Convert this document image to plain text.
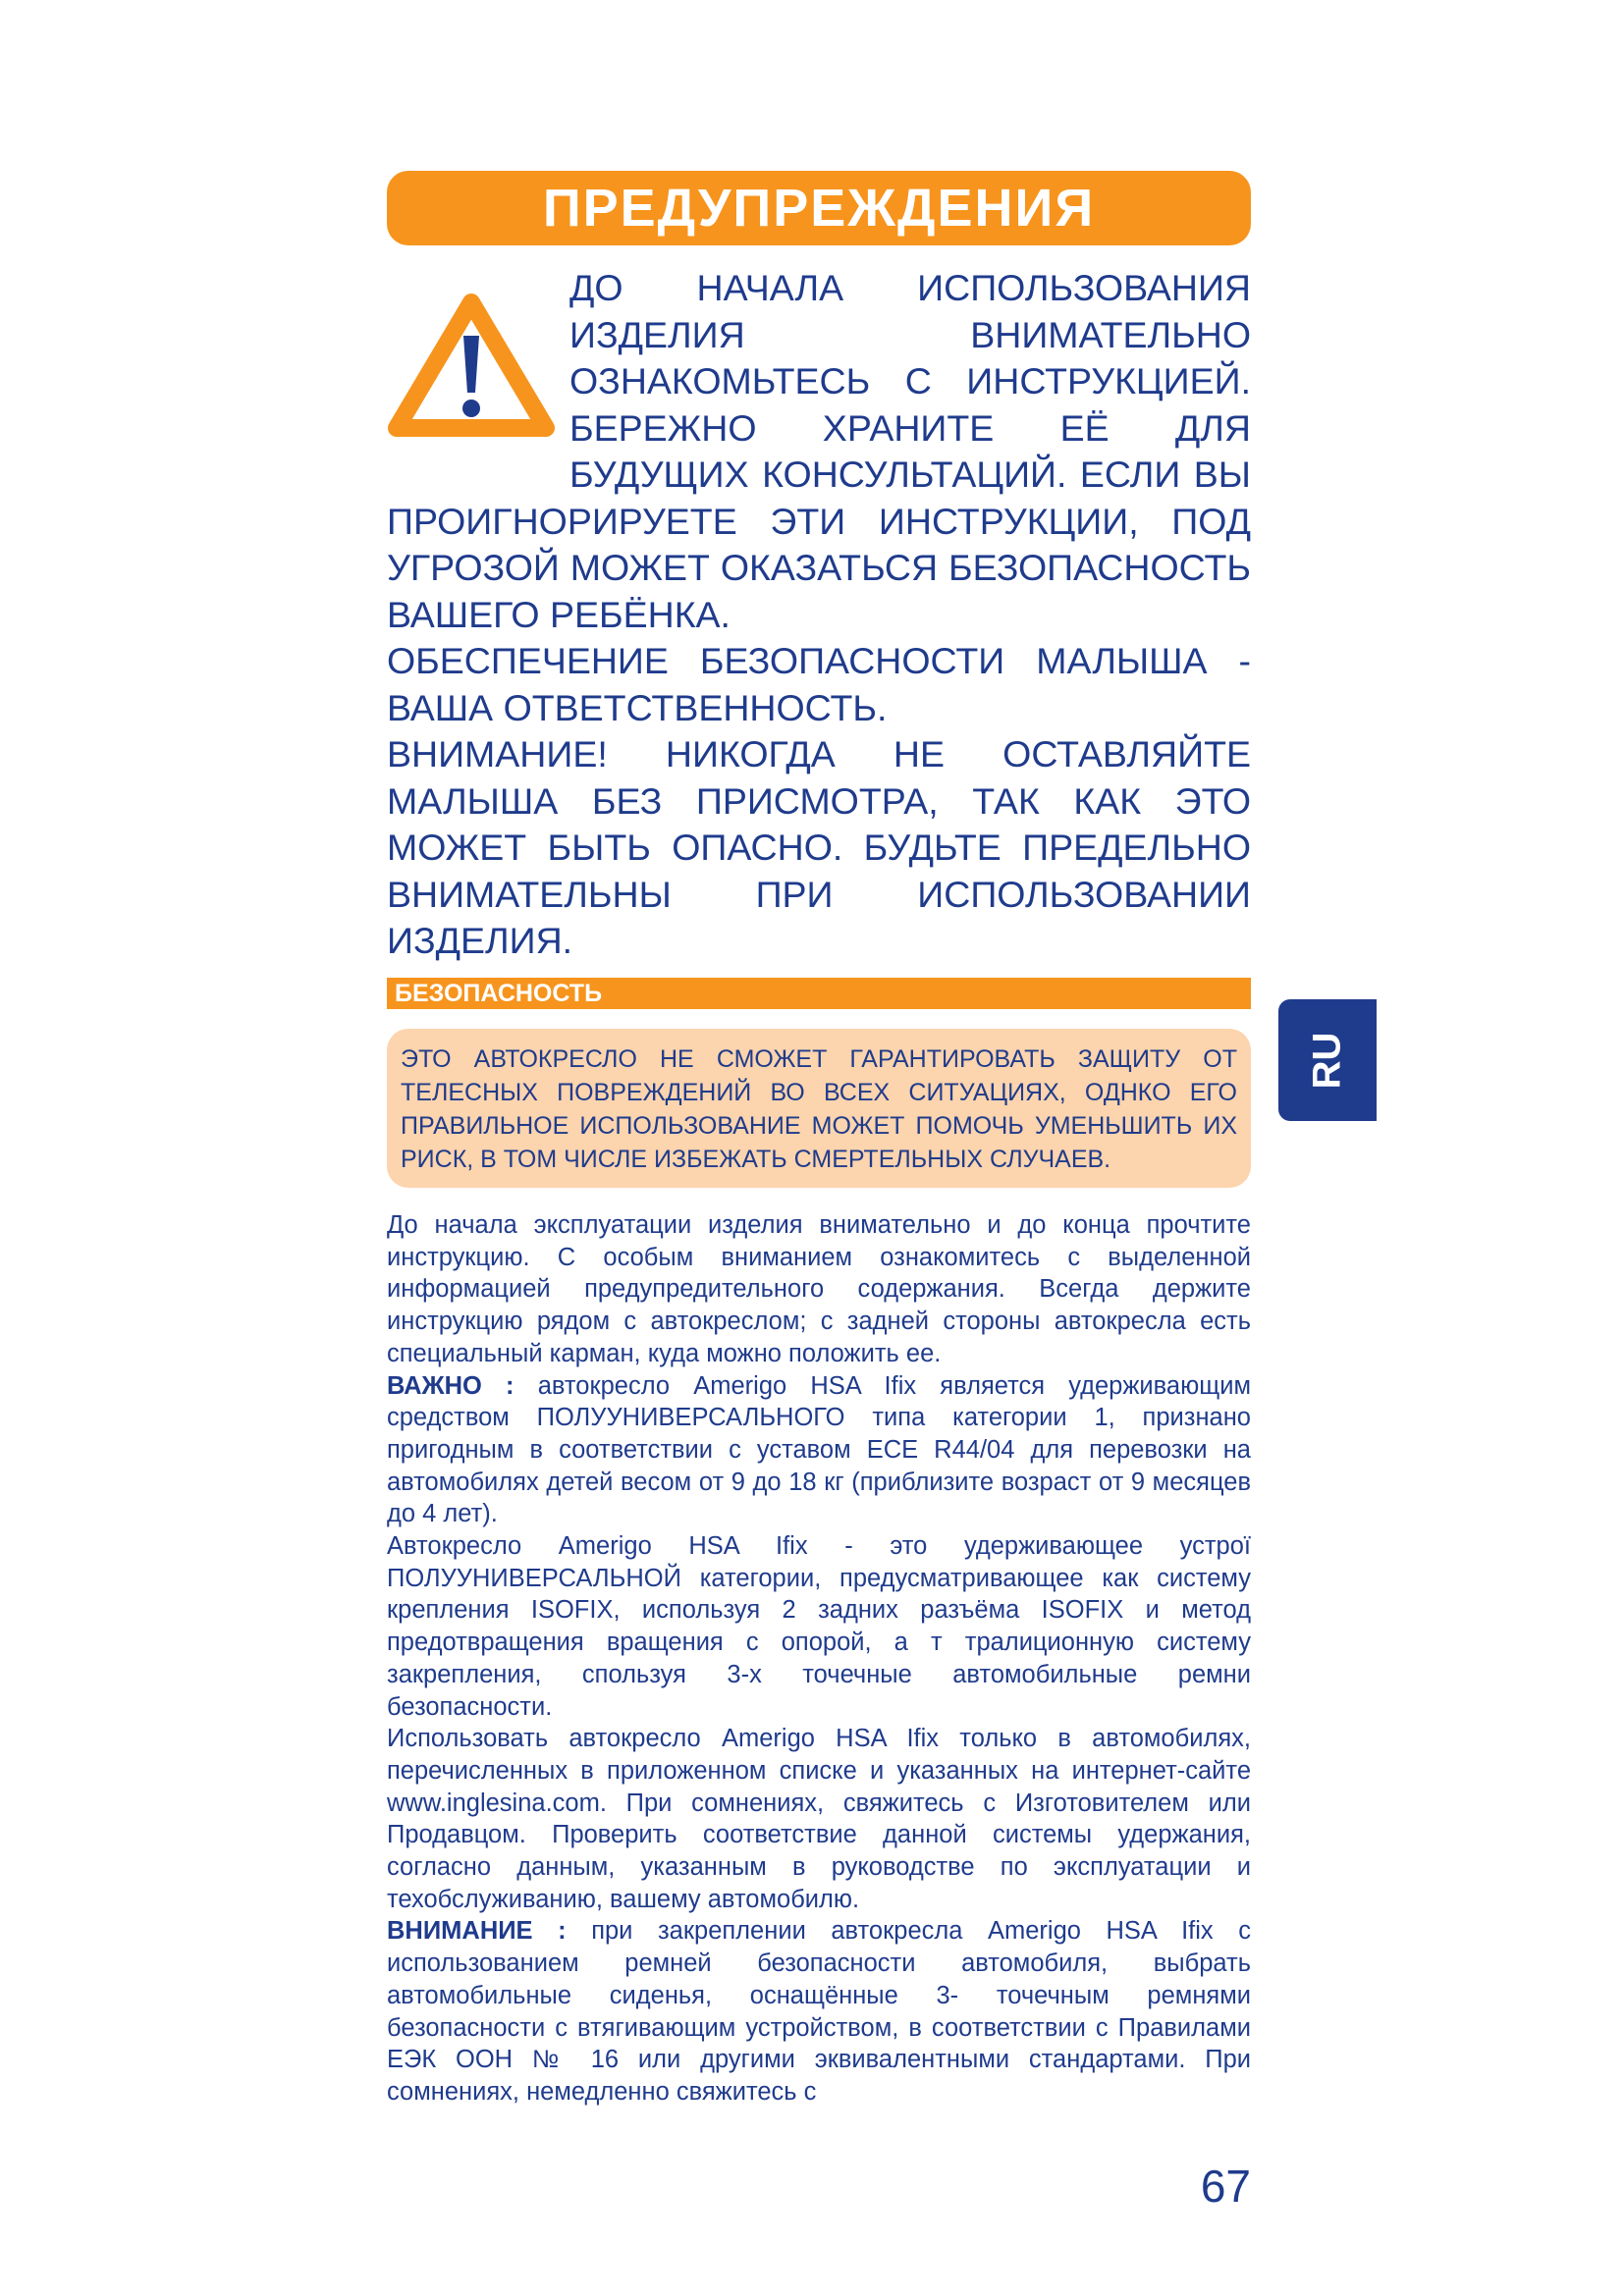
ПРЕДУПРЕЖДЕНИЯ

ДО НАЧАЛА ИСПОЛЬЗОВАНИЯ ИЗДЕЛИЯ ВНИМАТЕЛЬНО ОЗНАКОМЬТЕСЬ С ИНСТРУКЦИЕЙ. БЕРЕЖНО ХРАНИТЕ ЕЁ ДЛЯ БУДУЩИХ КОНСУЛЬТАЦИЙ. ЕСЛИ ВЫ ПРОИГНОРИРУЕТЕ ЭТИ ИНСТРУКЦИИ, ПОД УГРОЗОЙ МОЖЕТ ОКАЗАТЬСЯ БЕЗОПАСНОСТЬ ВАШЕГО РЕБЁНКА.

ОБЕСПЕЧЕНИЕ БЕЗОПАСНОСТИ МАЛЫША - ВАША ОТВЕТСТВЕННОСТЬ.

ВНИМАНИЕ! НИКОГДА НЕ ОСТАВЛЯЙТЕ МАЛЫША БЕЗ ПРИСМОТРА, ТАК КАК ЭТО МОЖЕТ БЫТЬ ОПАСНО. БУДЬТЕ ПРЕДЕЛЬНО ВНИМАТЕЛЬНЫ ПРИ ИСПОЛЬЗОВАНИИ ИЗДЕЛИЯ.

БЕЗОПАСНОСТЬ

ЭТО АВТОКРЕСЛО НЕ СМОЖЕТ ГАРАНТИРОВАТЬ ЗАЩИТУ ОТ ТЕЛЕСНЫХ ПОВРЕЖДЕНИЙ ВО ВСЕХ СИТУАЦИЯХ, ОДНКО ЕГО ПРАВИЛЬНОЕ ИСПОЛЬЗОВАНИЕ МОЖЕТ ПОМОЧЬ УМЕНЬШИТЬ ИХ РИСК, В ТОМ ЧИСЛЕ ИЗБЕЖАТЬ СМЕРТЕЛЬНЫХ СЛУЧАЕВ.

RU

До начала эксплуатации изделия внимательно и до конца прочтите инструкцию. С особым вниманием ознакомитесь с выделенной информацией предупредительного содержания. Всегда держите инструкцию рядом с автокреслом; с задней стороны автокресла есть специальный карман, куда можно положить ее.

ВАЖНО : автокресло Amerigo HSA Ifix является удерживающим средством ПОЛУУНИВЕРСАЛЬНОГО типа категории 1, признано пригодным в соответствии с уставом ECE R44/04 для перевозки на автомобилях детей весом от 9 до 18 кг (приблизите возраст от 9 месяцев до 4 лет).

Автокресло Amerigo HSA Ifix - это удерживающее устрої ПОЛУУНИВЕРСАЛЬНОЙ категории, предусматривающее как систему крепления ISOFIX, используя 2 задних разъёмa ISOFIX и метод предотвращения вращения с опорой, а т тралиционную систему закрепления, спользуя 3-х точечные автомобильные ремни безопасности.

Использовать автокресло Amerigo HSA Ifix только в автомобилях, перечисленных в приложенном списке и указанных на интернет-сайте www.inglesina.com. При сомнениях, свяжитесь с Изготовителем или Продавцом. Проверить соответствие данной системы удержания, согласно данным, указанным в руководстве по эксплуатации и техобслуживанию, вашему автомобилю.

ВНИМАНИЕ : при закреплении автокресла Amerigo HSA Ifix с использованием ремней безопасности автомобиля, выбрать автомобильные сиденья, оснащённые 3- точечным ремнями безопасности с втягивающим устройством, в соответствии с Правилами ЕЭК ООН № 16 или другими эквивалентными стандартами. При сомнениях, немедленно свяжитесь с

67
